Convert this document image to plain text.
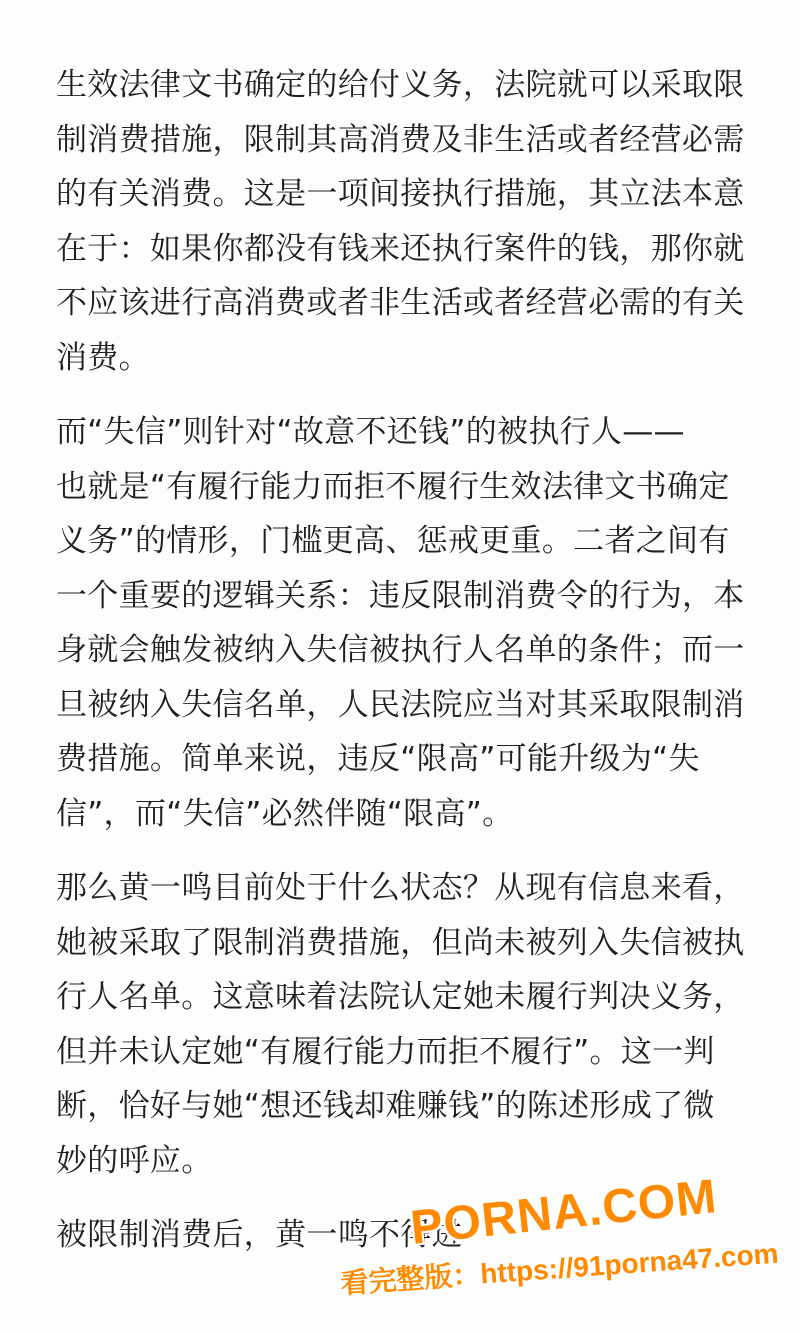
生效法律文书确定的给付义务，法院就可以采取限
制消费措施，限制其高消费及非生活或者经营必需
的有关消费。这是一项间接执行措施，其立法本意
在于：如果你都没有钱来还执行案件的钱，那你就
不应该进行高消费或者非生活或者经营必需的有关
消费。
而“失信”则针对“故意不还钱”的被执行人——
也就是“有履行能力而拒不履行生效法律文书确定
义务”的情形，门槛更高、惩戒更重。二者之间有
一个重要的逻辑关系：违反限制消费令的行为，本
身就会触发被纳入失信被执行人名单的条件；而一
旦被纳入失信名单，人民法院应当对其采取限制消
费措施。简单来说，违反“限高”可能升级为“失
信”，而“失信”必然伴随“限高”。
那么黄一鸣目前处于什么状态？从现有信息来看，
她被采取了限制消费措施，但尚未被列入失信被执
行人名单。这意味着法院认定她未履行判决义务，
但并未认定她“有履行能力而拒不履行”。这一判
断，恰好与她“想还钱却难赚钱”的陈述形成了微
妙的呼应。
被限制消费后，黄一鸣不得进
PORNA.COM
看完整版：https://91porna47.com
